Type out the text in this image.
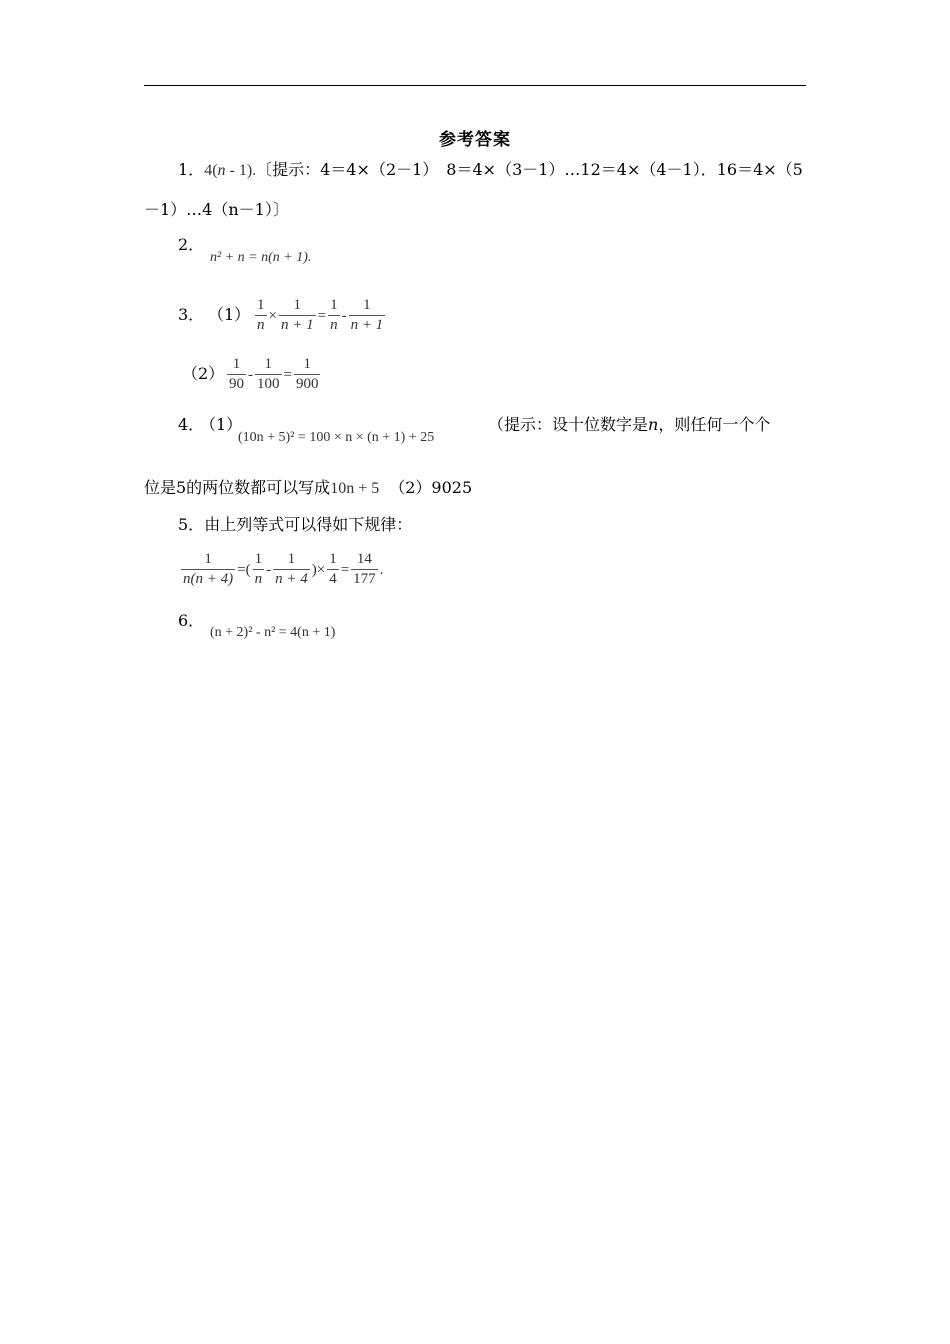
参考答案
1．4(n - 1).〔提示：4＝4×（2－1）　8＝4×（3－1）…12＝4×（4－1）．16＝4×（5
－1）…4（n－1）〕
2．
n² + n = n(n + 1).
3． $(1) \frac{1}{n} \times \frac{1}{n + 1} = \frac{1}{n} - \frac{1}{n + 1}$
$(2) \frac{1}{90} - \frac{1}{100} = \frac{1}{900}$
4．
（1）
(10n + 5)² = 100 × n × (n + 1) + 25
（提示：设十位数字是n，则任何一个个
位是5的两位数都可以写成10n + 5 （2）9025
5．由上列等式可以得如下规律：
$\frac{1}{n(n + 4)}$ =( $\frac{1}{n} - \frac{1}{n + 4}$ )× $\frac{1}{4} = \frac{14}{177}$ .
6．
(n + 2)² - n² = 4(n + 1)
